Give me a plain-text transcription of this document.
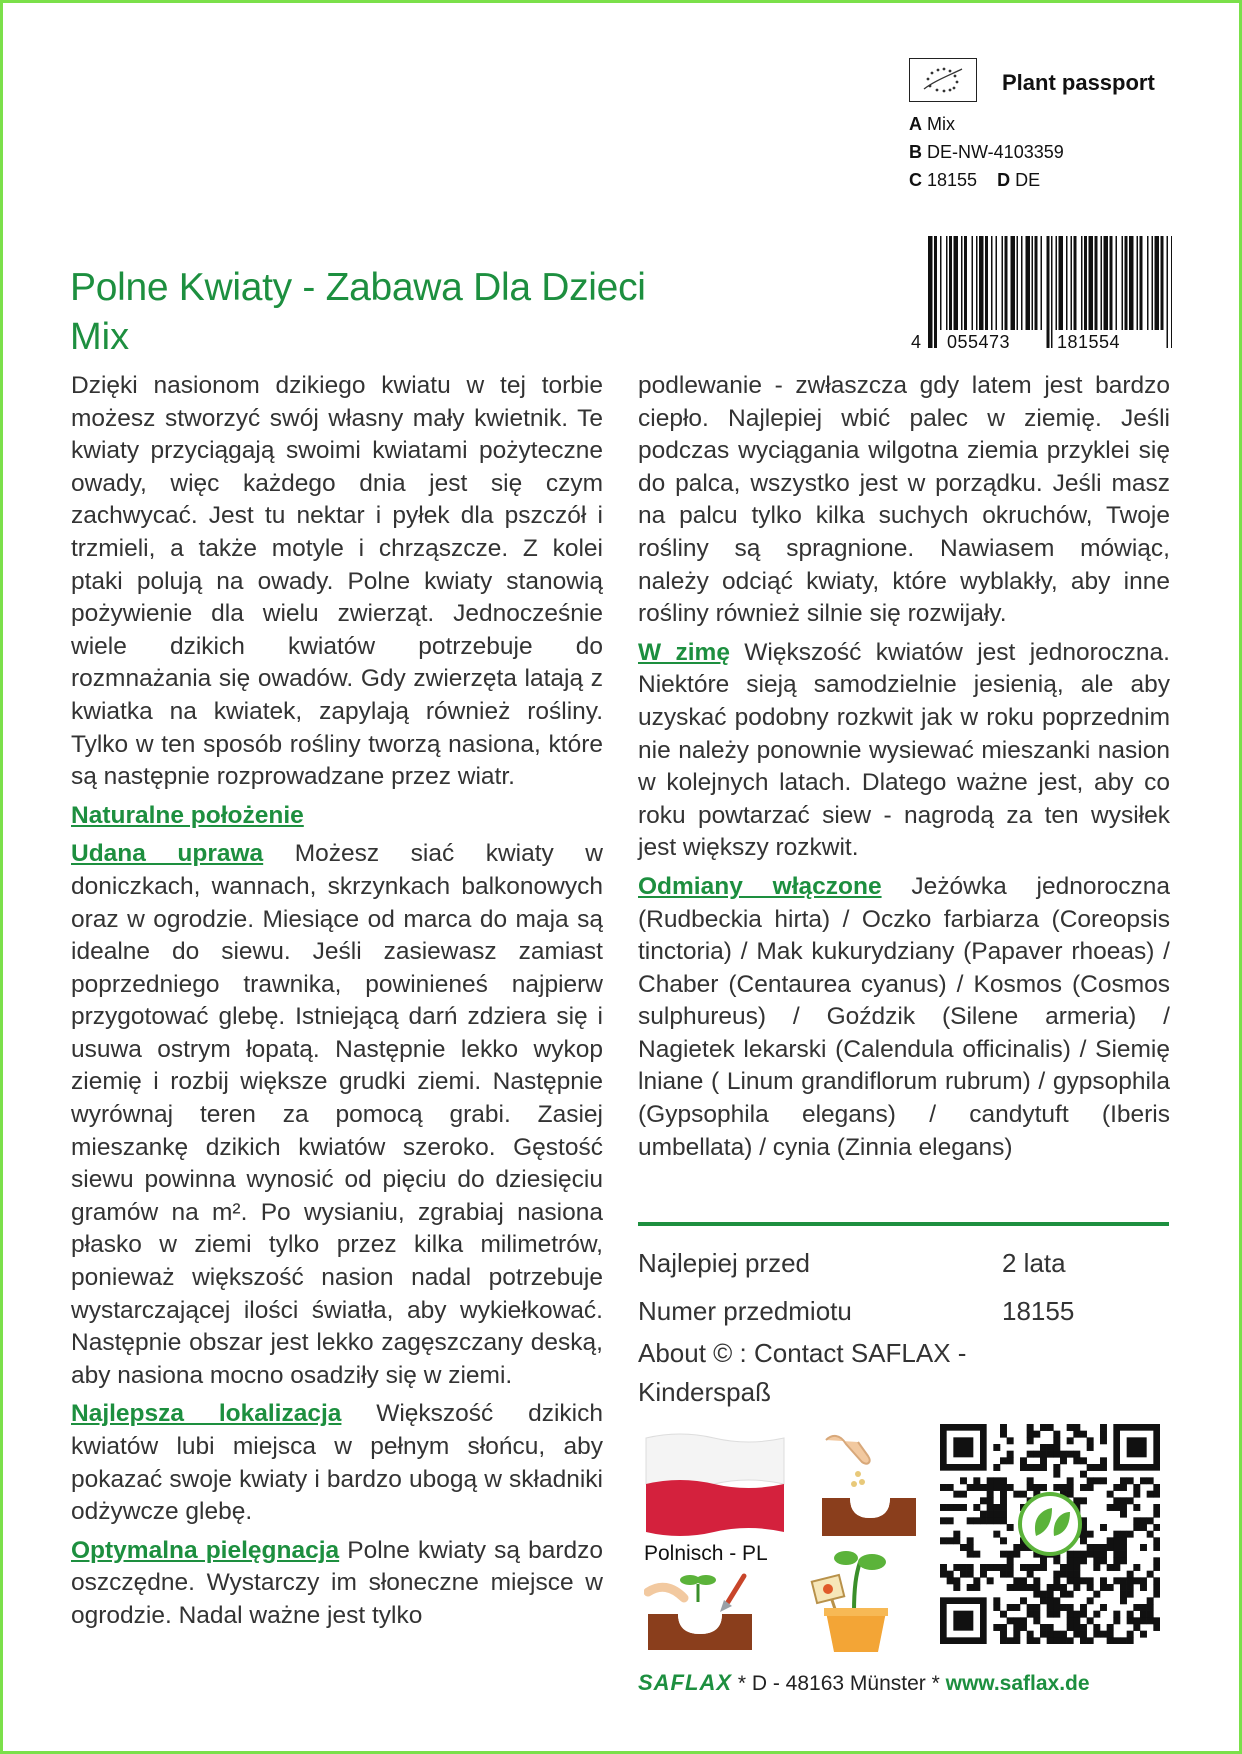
Plant passport
A Mix
B DE-NW-4103359
C 18155 D DE
4 055473	181554
Polne Kwiaty - Zabawa Dla Dzieci
Mix

Dzięki nasionom dzikiego kwiatu w tej torbie możesz stworzyć swój własny mały kwietnik. Te kwiaty przyciągają swoimi kwiatami pożyteczne owady, więc każdego dnia jest się czym zachwycać. Jest tu nektar i pyłek dla pszczół i trzmieli, a także motyle i chrząszcze. Z kolei ptaki polują na owady. Polne kwiaty stanowią pożywienie dla wielu zwierząt. Jednocześnie wiele dzikich kwiatów potrzebuje do rozmnażania się owadów. Gdy zwierzęta latają z kwiatka na kwiatek, zapylają również rośliny. Tylko w ten sposób rośliny tworzą nasiona, które są następnie rozprowadzane przez wiatr.

Naturalne położenie

Udana uprawa Możesz siać kwiaty w doniczkach, wannach, skrzynkach balkonowych oraz w ogrodzie. Miesiące od marca do maja są idealne do siewu. Jeśli zasiewasz zamiast poprzedniego trawnika, powinieneś najpierw przygotować glebę. Istniejącą darń zdziera się i usuwa ostrym łopatą. Następnie lekko wykop ziemię i rozbij większe grudki ziemi. Następnie wyrównaj teren za pomocą grabi. Zasiej mieszankę dzikich kwiatów szeroko. Gęstość siewu powinna wynosić od pięciu do dziesięciu gramów na m². Po wysianiu, zgrabiaj nasiona płasko w ziemi tylko przez kilka milimetrów, ponieważ większość nasion nadal potrzebuje wystarczającej ilości światła, aby wykiełkować. Następnie obszar jest lekko zagęszczany deską, aby nasiona mocno osadziły się w ziemi.

Najlepsza lokalizacja Większość dzikich kwiatów lubi miejsca w pełnym słońcu, aby pokazać swoje kwiaty i bardzo ubogą w składniki odżywcze glebę.

Optymalna pielęgnacja Polne kwiaty są bardzo oszczędne. Wystarczy im słoneczne miejsce w ogrodzie. Nadal ważne jest tylko

podlewanie - zwłaszcza gdy latem jest bardzo ciepło. Najlepiej wbić palec w ziemię. Jeśli podczas wyciągania wilgotna ziemia przyklei się do palca, wszystko jest w porządku. Jeśli masz na palcu tylko kilka suchych okruchów, Twoje rośliny są spragnione. Nawiasem mówiąc, należy odciąć kwiaty, które wyblakły, aby inne rośliny również silnie się rozwijały.

W zimę Większość kwiatów jest jednoroczna. Niektóre sieją samodzielnie jesienią, ale aby uzyskać podobny rozkwit jak w roku poprzednim nie należy ponownie wysiewać mieszanki nasion w kolejnych latach. Dlatego ważne jest, aby co roku powtarzać siew - nagrodą za ten wysiłek jest większy rozkwit.

Odmiany włączone Jeżówka jednoroczna (Rudbeckia hirta) / Oczko farbiarza (Coreopsis tinctoria) / Mak kukurydziany (Papaver rhoeas) / Chaber (Centaurea cyanus) / Kosmos (Cosmos sulphureus) / Goździk (Silene armeria) / Nagietek lekarski (Calendula officinalis) / Siemię lniane ( Linum grandiflorum rubrum) / gypsophila (Gypsophila elegans) / candytuft (Iberis umbellata) / cynia (Zinnia elegans)

Najlepiej przed	2 lata
Numer przedmiotu	18155
About © : Contact SAFLAX -
Kinderspaß
Polnisch - PL
SAFLAX * D - 48163 Münster * www.saflax.de
